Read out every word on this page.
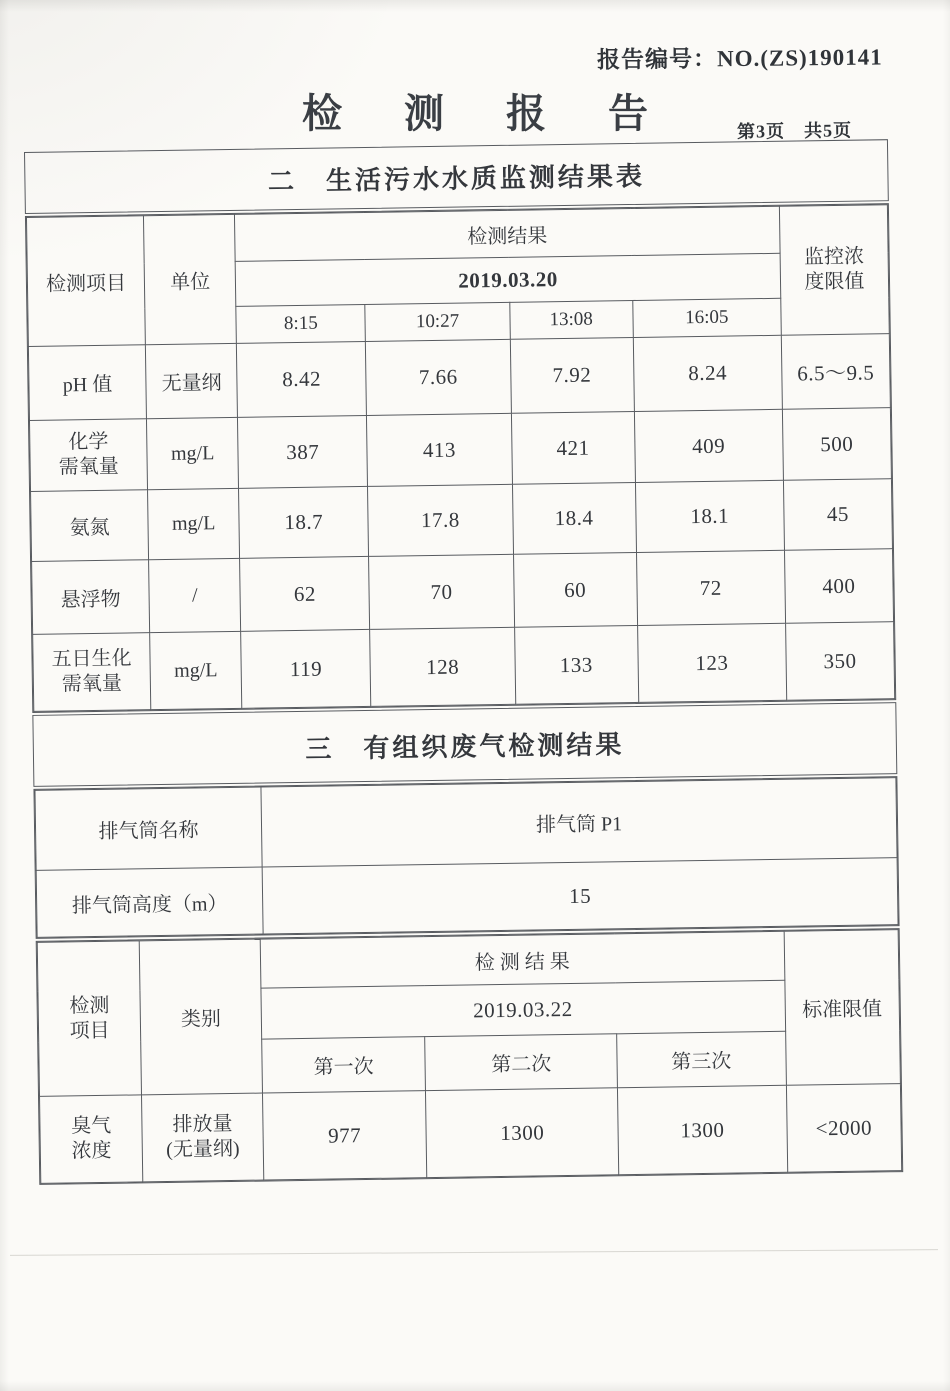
报告编号：NO.(ZS)190141
检 测 报 告	第3页　共5页
二　生活污水水质监测结果表
检测项目	单位	检测结果				监控浓
度限值
		2019.03.20				
		8:15	10:27	13:08	16:05	
pH 值	无量纲	8.42	7.66	7.92	8.24	6.5～9.5
化学
需氧量	mg/L	387	413	421	409	500
氨氮	mg/L	18.7	17.8	18.4	18.1	45
悬浮物	/	62	70	60	72	400
五日生化
需氧量	mg/L	119	128	133	123	350
三　有组织废气检测结果
排气筒名称	排气筒 P1
排气筒高度（m）	15
检测
项目	类别	检 测 结 果			标准限值
		2019.03.22			
		第一次	第二次	第三次	
臭气
浓度	排放量
(无量纲)	977	1300	1300	<2000
